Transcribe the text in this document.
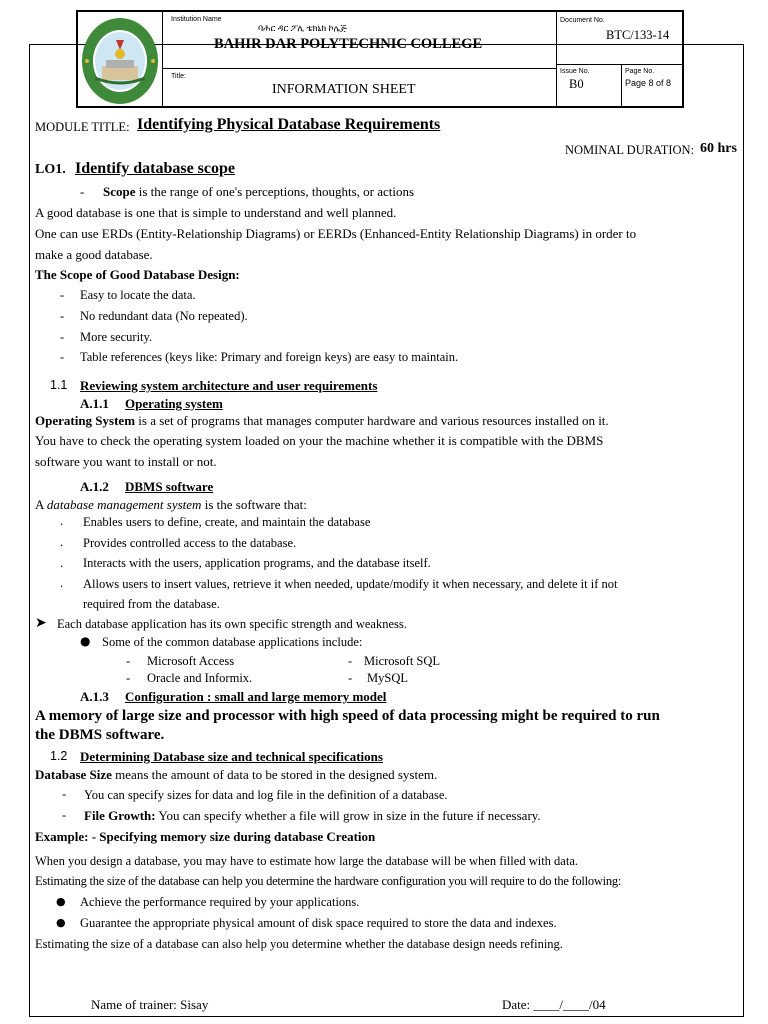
Institution Name
ባሕር ዳር ፖሊ ቴክኒክ ኮሌጅ
BAHIR DAR POLYTECHNIC COLLEGE
Title:
INFORMATION SHEET
Document No.
BTC/133-14
Issue No.
B0
Page No.
Page 8 of 8
MODULE TITLE: Identifying Physical Database Requirements
NOMINAL DURATION: 60 hrs
LO1. Identify database scope
- Scope is the range of one's perceptions, thoughts, or actions
A good database is one that is simple to understand and well planned.
One can use ERDs (Entity-Relationship Diagrams) or EERDs (Enhanced-Entity Relationship Diagrams) in order to
make a good database.
The Scope of Good Database Design:
- Easy to locate the data.
- No redundant data (No repeated).
- More security.
- Table references (keys like: Primary and foreign keys) are easy to maintain.
1.1 Reviewing system architecture and user requirements
A.1.1 Operating system
Operating System is a set of programs that manages computer hardware and various resources installed on it.
You have to check the operating system loaded on your the machine whether it is compatible with the DBMS
software you want to install or not.
A.1.2 DBMS software
A database management system is the software that:
. Enables users to define, create, and maintain the database
. Provides controlled access to the database.
. Interacts with the users, application programs, and the database itself.
. Allows users to insert values, retrieve it when needed, update/modify it when necessary, and delete it if not
required from the database.
➤ Each database application has its own specific strength and weakness.
● Some of the common database applications include:
- Microsoft Access	- Microsoft SQL
- Oracle and Informix.	- MySQL
A.1.3 Configuration : small and large memory model
A memory of large size and processor with high speed of data processing might be required to run
the DBMS software.
1.2 Determining Database size and technical specifications
Database Size means the amount of data to be stored in the designed system.
- You can specify sizes for data and log file in the definition of a database.
- File Growth: You can specify whether a file will grow in size in the future if necessary.
Example: - Specifying memory size during database Creation
When you design a database, you may have to estimate how large the database will be when filled with data.
Estimating the size of the database can help you determine the hardware configuration you will require to do the following:
● Achieve the performance required by your applications.
● Guarantee the appropriate physical amount of disk space required to store the data and indexes.
Estimating the size of a database can also help you determine whether the database design needs refining.
Name of trainer: Sisay	Date: ____/____/04
